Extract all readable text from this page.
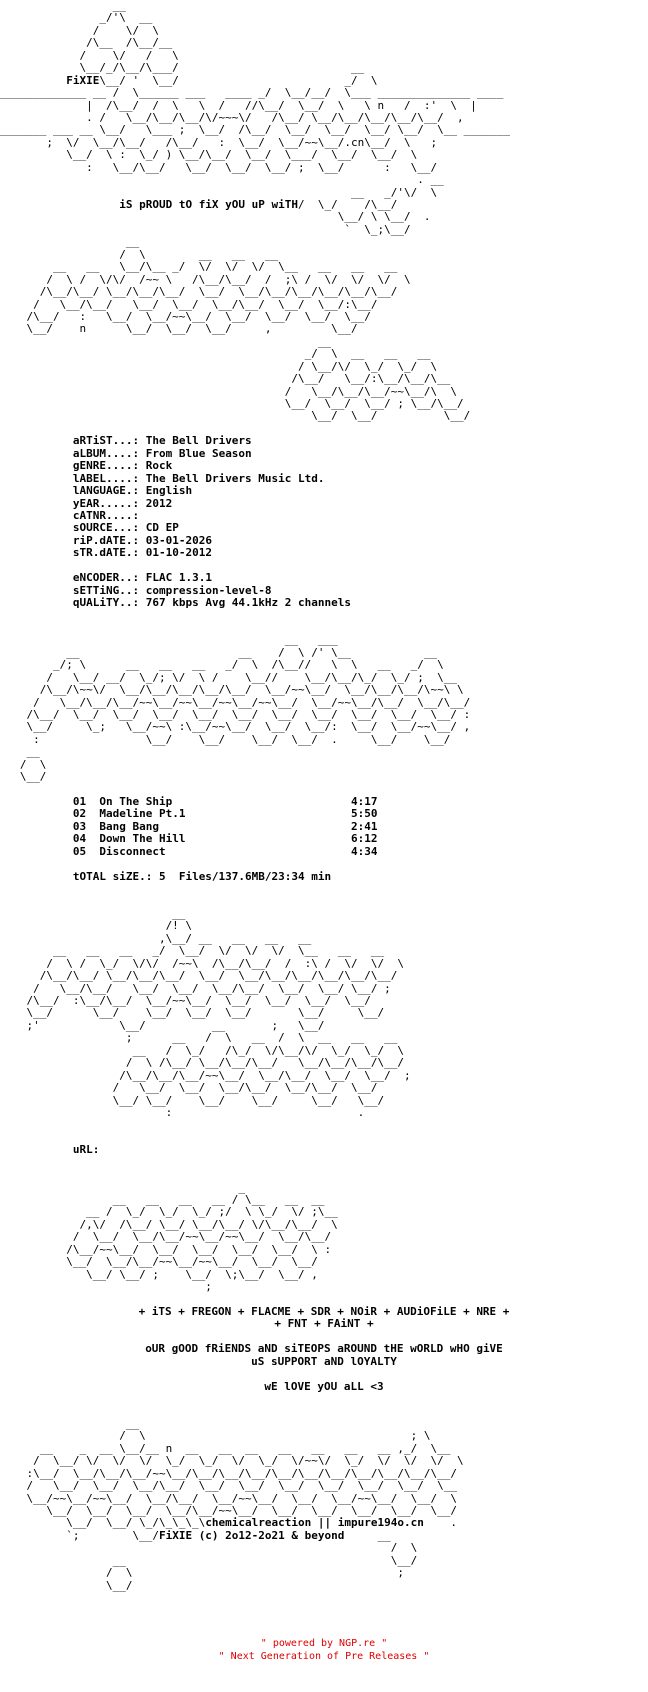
__
_/'\  __
/    \/  \
/\__  /\__/__
/    \/   /   \
\__/_/\__/\___/                          __
FiXIE\__/ '  \__/                         _/  \
_____________ __ /  \______ ___   ____ _/  \__/__/  \___ ______________ ____
|  /\__/  /  \   \  /   //\__/  \__/  \   \ n   /  :'  \  |
. /   \__/\__/\__/\/~~~\/   /\__/ \__/\__/\__/\__/\__/  ,
_______ ___ __ \__/   \___ ;  \__/  /\__/  \__/  \__/  \__/ \__/  \__ _______
;  \/  \__/\__/   /\__/   :  \__/  \__/~~\__/.cn\__/  \   ;
\__/  \ :  \_/ ) \__/\__/  \__/  \___/  \__/  \__/  \
:   \__/\__/   \__/  \__/  \__/ ;  \__/      :   \__/
. __
__   _/'\/  \
iS pROUD tO fiX yOU uP wiTH/  \_/    /\__/
\__/ \ \__/  .
`  \_;\__/
__
/  \        __   __   __
__   __   \__/\__ _/  \/  \/  \/  \__   __   __   __
/  \ /  \/\/  /~~ \   /\__/\__/  /  ;\ /  \/  \/  \/  \
/\__/\__/ \__/\__/\__/  \__/  \__/\__/\__/\__/\__/\__/
/   \__/\__/   \__/  \__/  \__/\__/  \__/  \__/:\__/
/\__/   :   \__/  \__/~~\__/  \__/  \__/  \__/  \__/
\__/    n      \__/  \__/  \__/     ,         \__/
__
_/  \  __   __   __
/ \__/\/  \_/  \_/  \
/\__/   \__/:\__/\__/\__
/   \__/\__/\__/~~\__/\  \
\__/  \__/  \__/ ; \__/\__/
\__/  \__/          \__/

aRTiST...: The Bell Drivers
aLBUM....: From Blue Season
gENRE....: Rock
lABEL....: The Bell Drivers Music Ltd.
lANGUAGE.: English
yEAR.....: 2012
cATNR....:
sOURCE...: CD EP
riP.dATE.: 03-01-2026
sTR.dATE.: 01-10-2012

eNCODER..: FLAC 1.3.1
sETTiNG..: compression-level-8
qUALiTY..: 767 kbps Avg 44.1kHz 2 channels

__   ___
__                        __    /  \ /' \__           __
_/; \      __   __   __   _/  \  /\__//   \  \   __   _/  \
/   \__/ __/  \_/; \/  \ /    \__//    \__/\__/\_/  \_/ ;  \__
/\__/\~~\/  \__/\__/\__/\__/\__/  \__/~~\__/  \__/\__/\__/\~~\ \
/   \__/\__/\__/~~\__/~~\__/~~\__/~~\__/  \__/~~\__/\__/  \__/\__/
/\__/  \__/  \__/  \__/  \__/  \__/  \__/  \__/  \__/  \__/  \__/ :
\__/     \_;   \__/~~\ :\__/~~\__/  \__/  \__/:  \__/  \__/~~\__/ ,
:                \__/    \__/    \__/  \__/  .     \__/    \__/
__
/  \
\__/

01 On The Ship	4:17
02 Madeline Pt.1	5:50
03 Bang Bang	2:41
04 Down The Hill	6:12
05 Disconnect	4:34

tOTAL siZE.: 5  Files/137.6MB/23:34 min

__
/! \
,\__/ __   __   __   __
__   __   __   _/  \__/  \/  \/  \/  \__   __   __
/  \ /  \_/  \/\/  /~~\  /\__/\__/  /  :\ /  \/  \/  \
/\__/\__/ \__/\__/\__/  \__/  \__/\__/\__/\__/\__/\__/
/   \__/\__/   \__/  \__/  \__/\__/  \__/  \__/ \__/ ;
/\__/  :\__/\__/  \__/~~\__/  \__/  \__/  \__/  \__/
\__/      \__/    \__/  \__/  \__/       \__/     \__/
;'            \__/          __       ;   \__/
;      __   /  \   __  /  \  __   __   __
__   /  \_/   /\_/  \/\__/\/  \_/  \_/  \
/  \ /\__/ \__/\__/\__/   \__/\__/\__/\__/
/\__/\__/\__/~~\__/  \__/\__/  \__/  \__/  ;
/   \__/  \__/  \__/\__/  \__/\__/  \__/
\__/ \__/    \__/    \__/     \__/   \__/
:                            .

uRL:

_
__   __   __   __ / \__   __  __
__ /  \_/  \_/  \_/ ;/  \ \_/  \/ ;\__
/,\/  /\__/ \__/ \__/\__/ \/\__/\__/  \
/  \__/  \__/\__/~~\__/~~\__/  \__/\__/
/\__/~~\__/  \__/  \__/  \__/  \__/  \ :
\__/  \__/\__/~~\__/~~\__/  \__/  \__/
\__/ \__/ ;    \__/  \;\__/  \__/ ,
;

+ iTS + FREGON + FLACME + SDR + NOiR + AUDiOFiLE + NRE +
+ FNT + FAiNT +

oUR gOOD fRiENDS aND siTEOPS aROUND tHE wORLD wHO giVE
uS sUPPORT aND lOYALTY

wE lOVE yOU aLL <3

__
/  \                                        ; \
__    _  __ \__/__ n  __   __  __   __   __   __   __ ,_/  \__
/  \__/ \/  \/  \/  \_/  \_/  \/  \_/  \/~~\/  \_/  \/  \/  \/  \
:\__/  \__/\__/\__/~~\__/\__/\__/\__/\__/\__/\__/\__/\__/\__/\__/
/   \__/  \__/  \__/\__/  \__/  \__/  \__/  \__/  \__/  \__/  \__
\__/~~\__/~~\__/  \__/\__/  \__/~~\__/  \__/  \__/~~\__/  \__/  \
\__/  \__/  \__/  \__/\__/~~\__/  \__/  \__/  \__/  \__/  \__/
\__/  \__/ \_/\_\_\_\chemicalreaction || impure194o.cn    .
`;        \__/FiXIE (c) 2o12-2o21 & beyond     __
/  \
__                                        \__/
/  \                                        ;
\__/
" powered by NGP.re "
" Next Generation of Pre Releases "
